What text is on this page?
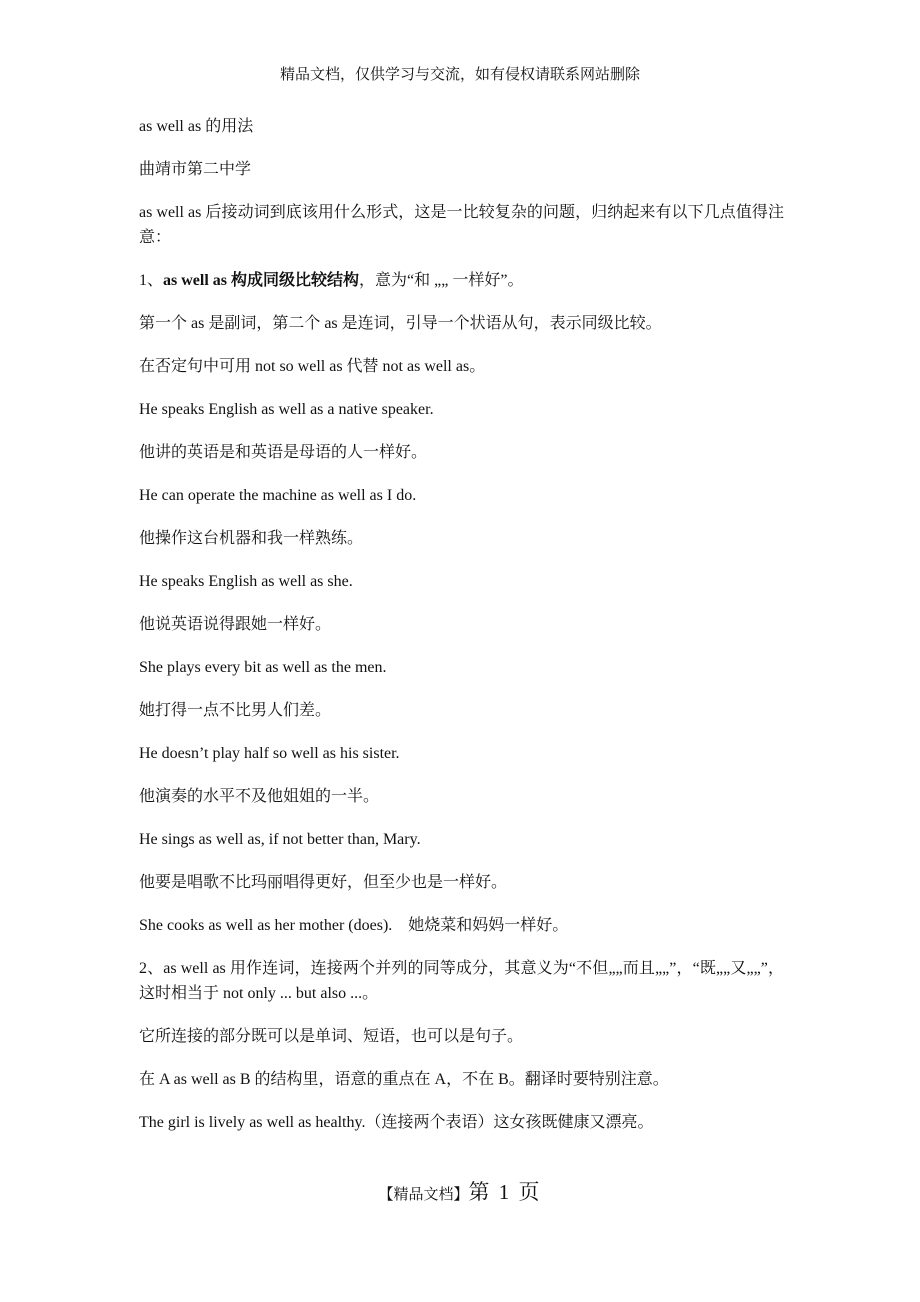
精品文档，仅供学习与交流，如有侵权请联系网站删除

as well as 的用法

曲靖市第二中学

as well as 后接动词到底该用什么形式，这是一比较复杂的问题，归纳起来有以下几点值得注意：

1、as well as 构成同级比较结构，意为“和 „„ 一样好”。

第一个 as 是副词，第二个 as 是连词，引导一个状语从句，表示同级比较。

在否定句中可用 not so well as 代替 not as well as。

He speaks English as well as a native speaker.

他讲的英语是和英语是母语的人一样好。

He can operate the machine as well as I do.

他操作这台机器和我一样熟练。

He speaks English as well as she.

他说英语说得跟她一样好。

She plays every bit as well as the men.

她打得一点不比男人们差。

He doesn’t play half so well as his sister.

他演奏的水平不及他姐姐的一半。

He sings as well as, if not better than, Mary.

他要是唱歌不比玛丽唱得更好，但至少也是一样好。

She cooks as well as her mother (does).    她烧菜和妈妈一样好。

2、as well as 用作连词，连接两个并列的同等成分，其意义为“不但„„而且„„”，“既„„又„„”，这时相当于 not only ... but also ...。

它所连接的部分既可以是单词、短语，也可以是句子。

在 A as well as B 的结构里，语意的重点在 A，不在 B。翻译时要特别注意。

The girl is lively as well as healthy.（连接两个表语）这女孩既健康又漂亮。

【精品文档】第 1 页
